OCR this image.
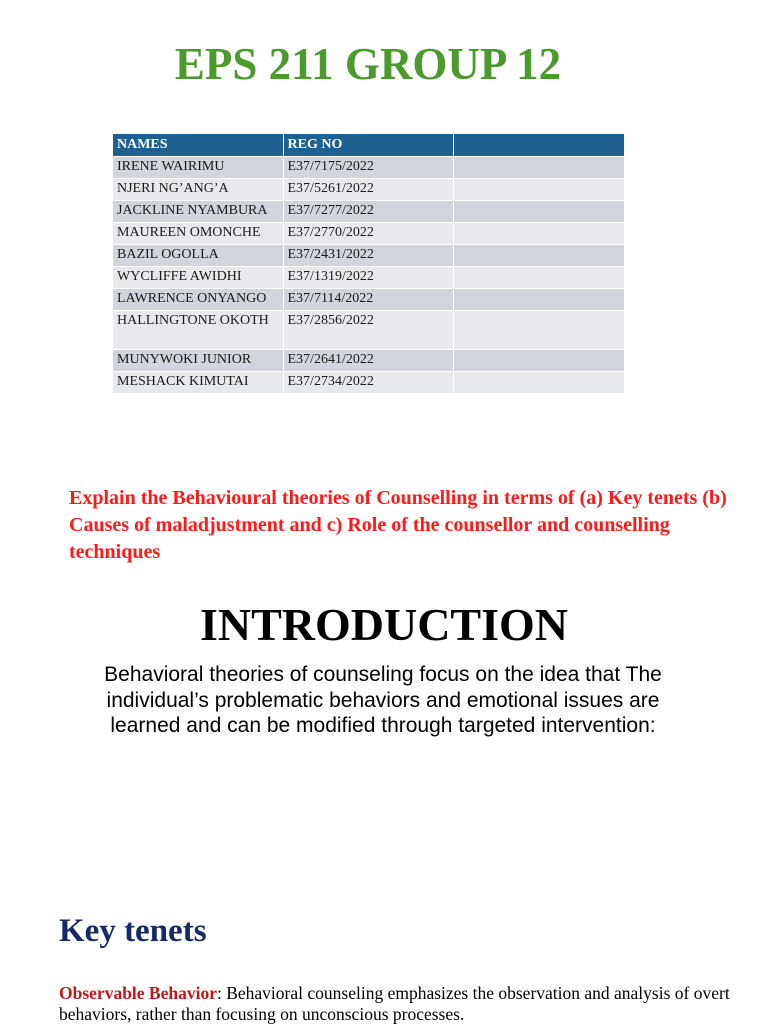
EPS 211 GROUP 12
NAMES	REG NO	
IRENE WAIRIMU	E37/7175/2022	
NJERI NG’ANG’A	E37/5261/2022	
JACKLINE NYAMBURA	E37/7277/2022	
MAUREEN OMONCHE	E37/2770/2022	
BAZIL OGOLLA	E37/2431/2022	
WYCLIFFE AWIDHI	E37/1319/2022	
LAWRENCE ONYANGO	E37/7114/2022	
HALLINGTONE OKOTH	E37/2856/2022	
MUNYWOKI JUNIOR	E37/2641/2022	
MESHACK KIMUTAI	E37/2734/2022	
Explain the Behavioural theories of Counselling in terms of (a) Key tenets (b) Causes of maladjustment and c) Role of the counsellor and counselling techniques
INTRODUCTION
Behavioral theories of counseling focus on the idea that The individual’s problematic behaviors and emotional issues are learned and can be modified through targeted intervention:
Key tenets
Observable Behavior: Behavioral counseling emphasizes the observation and analysis of overt behaviors, rather than focusing on unconscious processes.
